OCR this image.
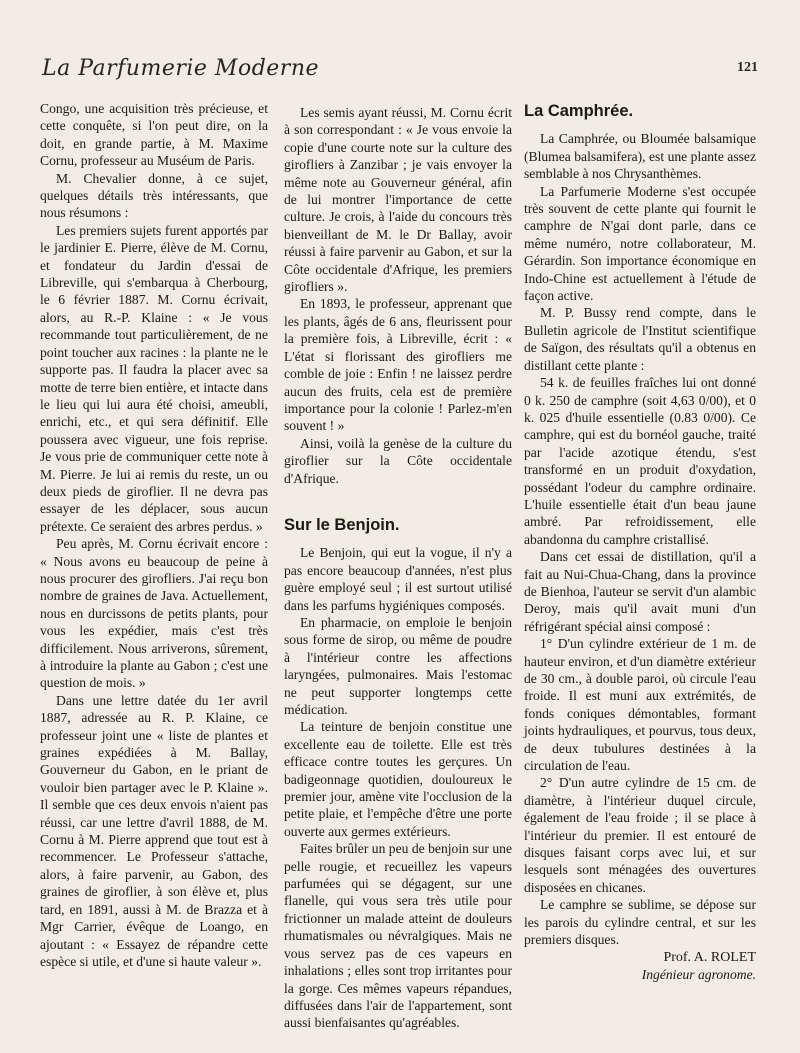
La Parfumerie Moderne	121

Congo, une acquisition très précieuse, et cette conquête, si l'on peut dire, on la doit, en grande partie, à M. Maxime Cornu, professeur au Muséum de Paris.

M. Chevalier donne, à ce sujet, quelques détails très intéressants, que nous résumons :

Les premiers sujets furent apportés par le jardinier E. Pierre, élève de M. Cornu, et fondateur du Jardin d'essai de Libreville, qui s'embarqua à Cherbourg, le 6 février 1887. M. Cornu écrivait, alors, au R.-P. Klaine : « Je vous recommande tout particulièrement, de ne point toucher aux racines : la plante ne le supporte pas. Il faudra la placer avec sa motte de terre bien entière, et intacte dans le lieu qui lui aura été choisi, ameubli, enrichi, etc., et qui sera définitif. Elle poussera avec vigueur, une fois reprise. Je vous prie de communiquer cette note à M. Pierre. Je lui ai remis du reste, un ou deux pieds de giroflier. Il ne devra pas essayer de les déplacer, sous aucun prétexte. Ce seraient des arbres perdus. »

Peu après, M. Cornu écrivait encore : « Nous avons eu beaucoup de peine à nous procurer des girofliers. J'ai reçu bon nombre de graines de Java. Actuellement, nous en durcissons de petits plants, pour vous les expédier, mais c'est très difficilement. Nous arriverons, sûrement, à introduire la plante au Gabon ; c'est une question de mois. »

Dans une lettre datée du 1er avril 1887, adressée au R. P. Klaine, ce professeur joint une « liste de plantes et graines expédiées à M. Ballay, Gouverneur du Gabon, en le priant de vouloir bien partager avec le P. Klaine ». Il semble que ces deux envois n'aient pas réussi, car une lettre d'avril 1888, de M. Cornu à M. Pierre apprend que tout est à recommencer. Le Professeur s'attache, alors, à faire parvenir, au Gabon, des graines de giroflier, à son élève et, plus tard, en 1891, aussi à M. de Brazza et à Mgr Carrier, évêque de Loango, en ajoutant : « Essayez de répandre cette espèce si utile, et d'une si haute valeur ».

Les semis ayant réussi, M. Cornu écrit à son correspondant : « Je vous envoie la copie d'une courte note sur la culture des girofliers à Zanzibar ; je vais envoyer la même note au Gouverneur général, afin de lui montrer l'importance de cette culture. Je crois, à l'aide du concours très bienveillant de M. le Dr Ballay, avoir réussi à faire parvenir au Gabon, et sur la Côte occidentale d'Afrique, les premiers girofliers ».

En 1893, le professeur, apprenant que les plants, âgés de 6 ans, fleurissent pour la première fois, à Libreville, écrit : « L'état si florissant des girofliers me comble de joie : Enfin ! ne laissez perdre aucun des fruits, cela est de première importance pour la colonie ! Parlez-m'en souvent ! »

Ainsi, voilà la genèse de la culture du giroflier sur la Côte occidentale d'Afrique.

Sur le Benjoin.

Le Benjoin, qui eut la vogue, il n'y a pas encore beaucoup d'années, n'est plus guère employé seul ; il est surtout utilisé dans les parfums hygiéniques composés.

En pharmacie, on emploie le benjoin sous forme de sirop, ou même de poudre à l'intérieur contre les affections laryngées, pulmonaires. Mais l'estomac ne peut supporter longtemps cette médication.

La teinture de benjoin constitue une excellente eau de toilette. Elle est très efficace contre toutes les gerçures. Un badigeonnage quotidien, douloureux le premier jour, amène vite l'occlusion de la petite plaie, et l'empêche d'être une porte ouverte aux germes extérieurs.

Faites brûler un peu de benjoin sur une pelle rougie, et recueillez les vapeurs parfumées qui se dégagent, sur une flanelle, qui vous sera très utile pour frictionner un malade atteint de douleurs rhumatismales ou névralgiques. Mais ne vous servez pas de ces vapeurs en inhalations ; elles sont trop irritantes pour la gorge. Ces mêmes vapeurs répandues, diffusées dans l'air de l'appartement, sont aussi bienfaisantes qu'agréables.

La Camphrée.

La Camphrée, ou Bloumée balsamique (Blumea balsamifera), est une plante assez semblable à nos Chrysanthèmes.

La Parfumerie Moderne s'est occupée très souvent de cette plante qui fournit le camphre de N'gai dont parle, dans ce même numéro, notre collaborateur, M. Gérardin. Son importance économique en Indo-Chine est actuellement à l'étude de façon active.

M. P. Bussy rend compte, dans le Bulletin agricole de l'Institut scientifique de Saïgon, des résultats qu'il a obtenus en distillant cette plante :

54 k. de feuilles fraîches lui ont donné 0 k. 250 de camphre (soit 4,63 0/00), et 0 k. 025 d'huile essentielle (0.83 0/00). Ce camphre, qui est du bornéol gauche, traité par l'acide azotique étendu, s'est transformé en un produit d'oxydation, possédant l'odeur du camphre ordinaire. L'huile essentielle était d'un beau jaune ambré. Par refroidissement, elle abandonna du camphre cristallisé.

Dans cet essai de distillation, qu'il a fait au Nui-Chua-Chang, dans la province de Bienhoa, l'auteur se servit d'un alambic Deroy, mais qu'il avait muni d'un réfrigérant spécial ainsi composé :

1° D'un cylindre extérieur de 1 m. de hauteur environ, et d'un diamètre extérieur de 30 cm., à double paroi, où circule l'eau froide. Il est muni aux extrémités, de fonds coniques démontables, formant joints hydrauliques, et pourvus, tous deux, de deux tubulures destinées à la circulation de l'eau.

2° D'un autre cylindre de 15 cm. de diamètre, à l'intérieur duquel circule, également de l'eau froide ; il se place à l'intérieur du premier. Il est entouré de disques faisant corps avec lui, et sur lesquels sont ménagées des ouvertures disposées en chicanes.

Le camphre se sublime, se dépose sur les parois du cylindre central, et sur les premiers disques.

Prof. A. ROLET

Ingénieur agronome.
